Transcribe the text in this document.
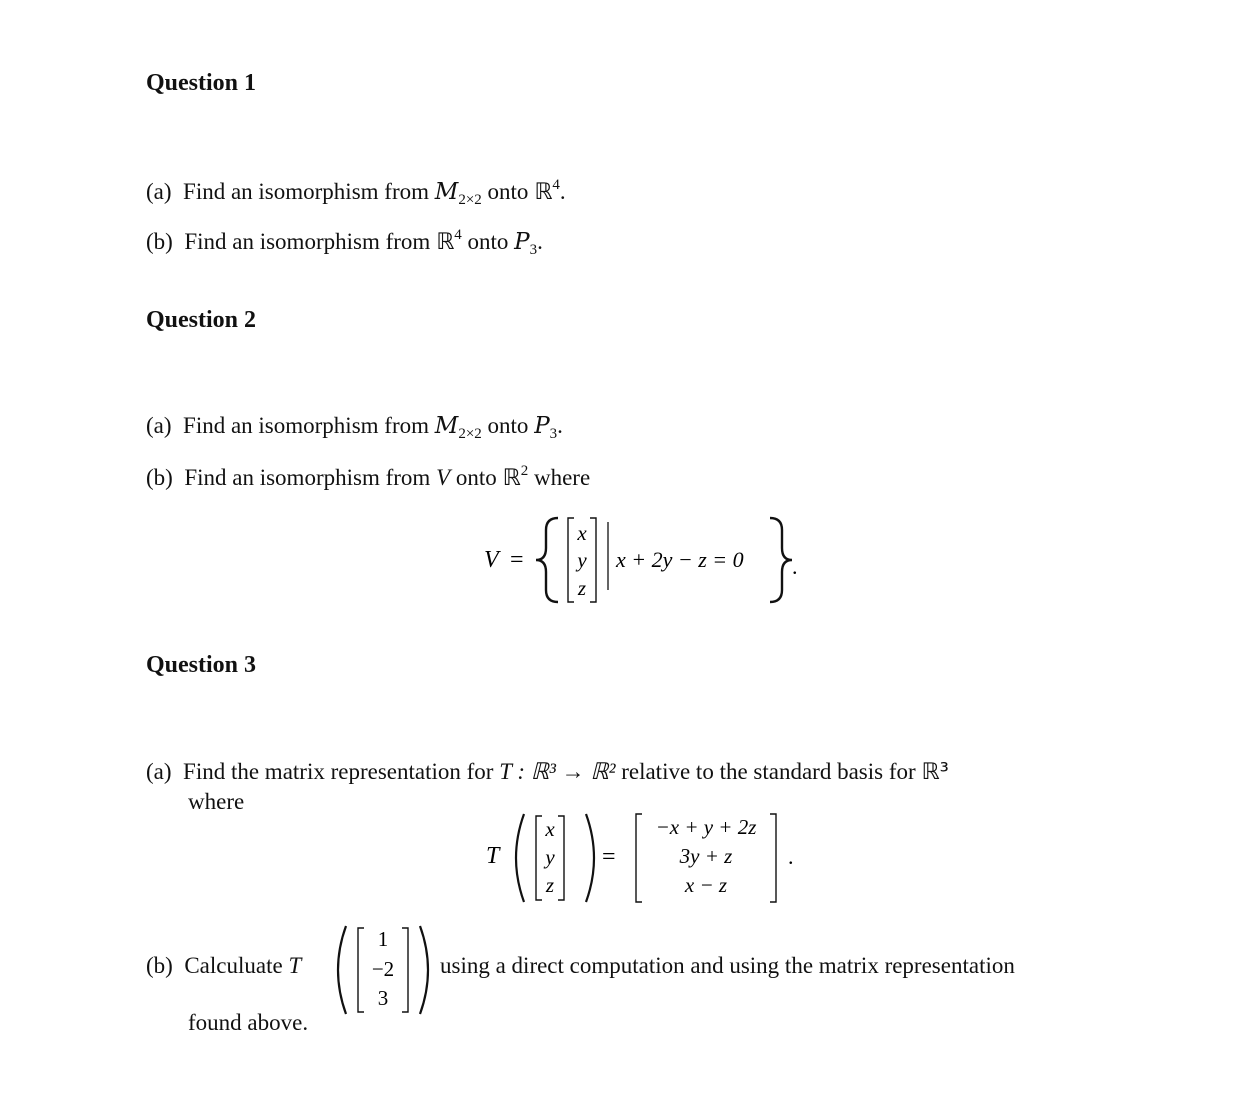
Question 1
(a) Find an isomorphism from $M_{2\times 2}$ onto ℝ$^4$.
(b) Find an isomorphism from ℝ$^4$ onto $P_3$.
Question 2
(a) Find an isomorphism from $M_{2\times 2}$ onto $P_3$.
(b) Find an isomorphism from V onto ℝ$^2$ where
V =
x
y
z
x + 2y − z = 0 .
Question 3
(a) Find the matrix representation for T : ℝ³ → ℝ² relative to the standard basis for ℝ³
where
T
x
y
z
=
−x + y + 2z
3y + z
x − z
.
(b) Calculuate T
1
−2
3
using a direct computation and using the matrix representation
found above.
